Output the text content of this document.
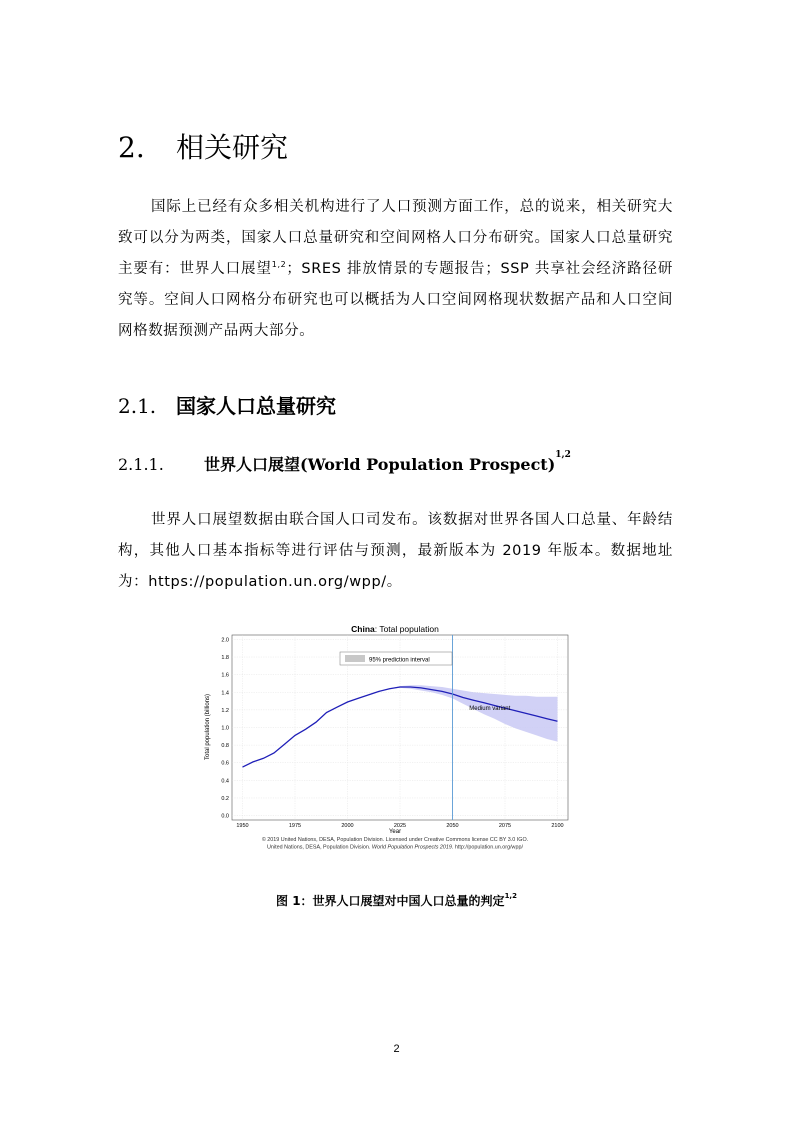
2. 相关研究
国际上已经有众多相关机构进行了人口预测方面工作，总的说来，相关研究大致可以分为两类，国家人口总量研究和空间网格人口分布研究。国家人口总量研究主要有：世界人口展望$^{1,2}$；SRES 排放情景的专题报告；SSP 共享社会经济路径研究等。空间人口网格分布研究也可以概括为人口空间网格现状数据产品和人口空间网格数据预测产品两大部分。
2.1. 国家人口总量研究
2.1.1.	世界人口展望(World Population Prospect)$^{1,2}$
世界人口展望数据由联合国人口司发布。该数据对世界各国人口总量、年龄结构，其他人口基本指标等进行评估与预测，最新版本为 2019 年版本。数据地址为：https://population.un.org/wpp/。
China: Total population
0.0
0.2
0.4
0.6
0.8
1.0
1.2
1.4
1.6
1.8
2.0
1950	1975	2000	2025	2050	2075	2100
95% prediction interval
Medium variant
Year
Total population (billions)
© 2019 United Nations, DESA, Population Division. Licensed under Creative Commons license CC BY 3.0 IGO.
United Nations, DESA, Population Division. World Population Prospects 2019. http://population.un.org/wpp/
图 1：世界人口展望对中国人口总量的判定$^{1,2}$
2
